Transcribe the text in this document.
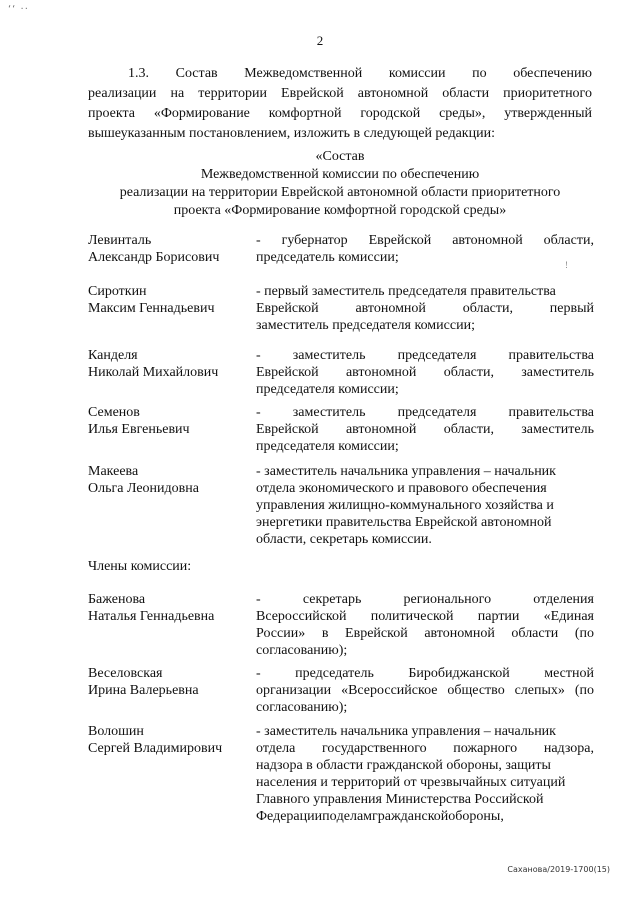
‘‘ ··
2
1.3. Состав Межведомственной комиссии по обеспечению
реализации на территории Еврейской автономной области приоритетного
проекта «Формирование комфортной городской среды», утвержденный
вышеуказанным постановлением, изложить в следующей редакции:
«Состав
Межведомственной комиссии по обеспечению
реализации на территории Еврейской автономной области приоритетного
проекта «Формирование комфортной городской среды»
Левинталь
Александр Борисович
- губернатор Еврейской автономной области,
председатель комиссии;
Сироткин
Максим Геннадьевич
- первый заместитель председателя правительства
Еврейской	автономной	области,	первый
заместитель председателя комиссии;
Канделя
Николай Михайлович
- заместитель председателя правительства
Еврейской автономной области, заместитель
председателя комиссии;
Семенов
Илья Евгеньевич
- заместитель председателя правительства
Еврейской автономной области, заместитель
председателя комиссии;
Макеева
Ольга Леонидовна
- заместитель начальника управления – начальник
отдела экономического и правового обеспечения
управления жилищно-коммунального хозяйства и
энергетики правительства Еврейской автономной
области, секретарь комиссии.
Члены комиссии:
Баженова
Наталья Геннадьевна
-	секретарь	регионального	отделения
Всероссийской политической партии «Единая
России» в Еврейской автономной области (по
согласованию);
Веселовская
Ирина Валерьевна
- председатель Биробиджанской местной
организации «Всероссийское общество слепых» (по
согласованию);
Волошин
Сергей Владимирович
- заместитель начальника управления – начальник
отдела государственного пожарного надзора,
надзора в области гражданской обороны, защиты
населения и территорий от чрезвычайных ситуаций
Главного управления Министерства Российской
Федерации по делам гражданской обороны,
!
Саханова/2019-1700(15)
